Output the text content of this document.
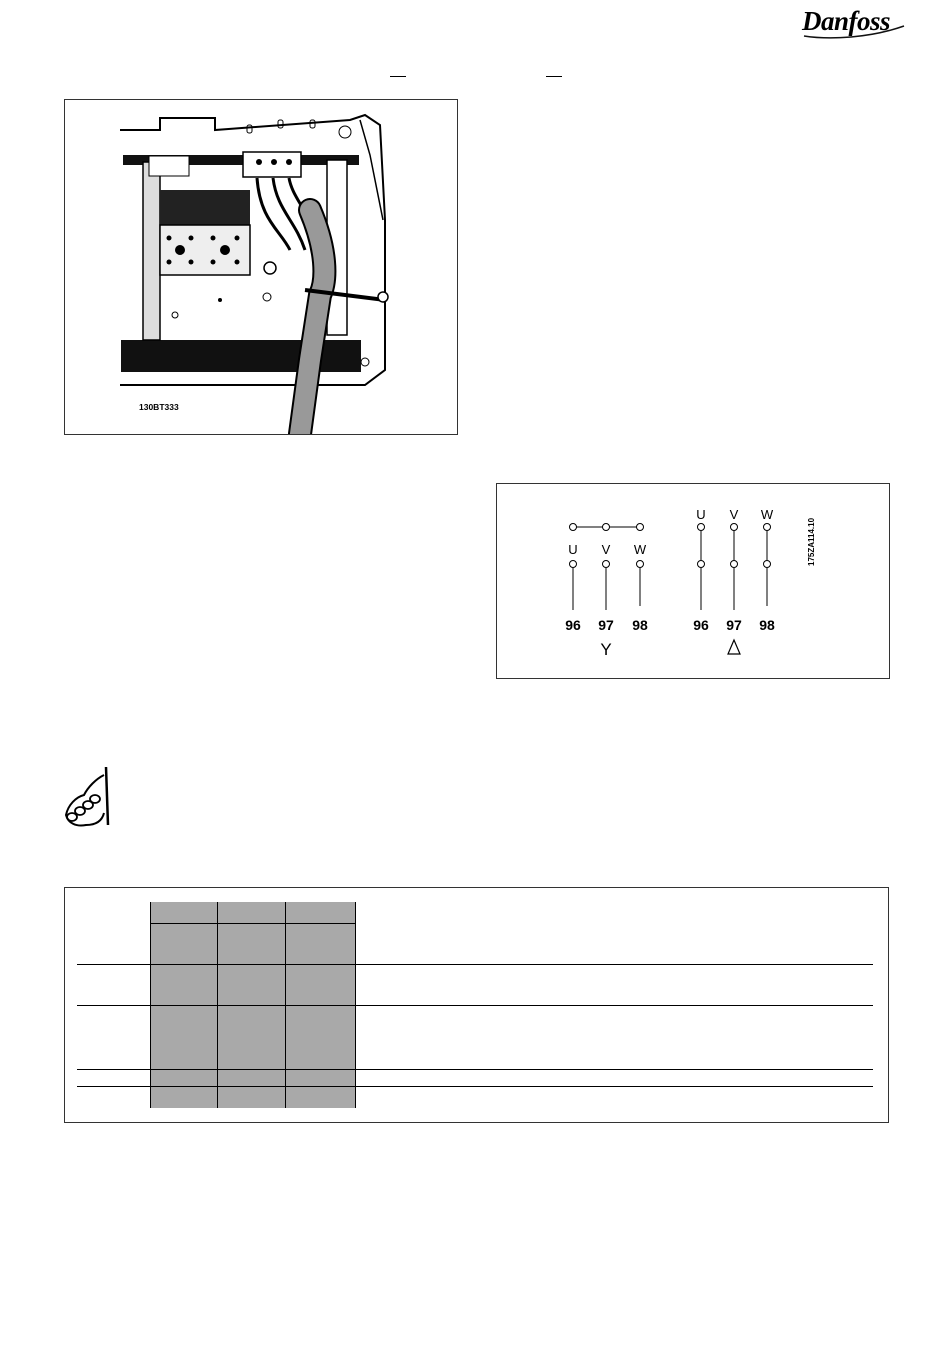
Danfoss
130BT333
U V W
96 97 98
Y
U V W
96 97 98
175ZA114.10
